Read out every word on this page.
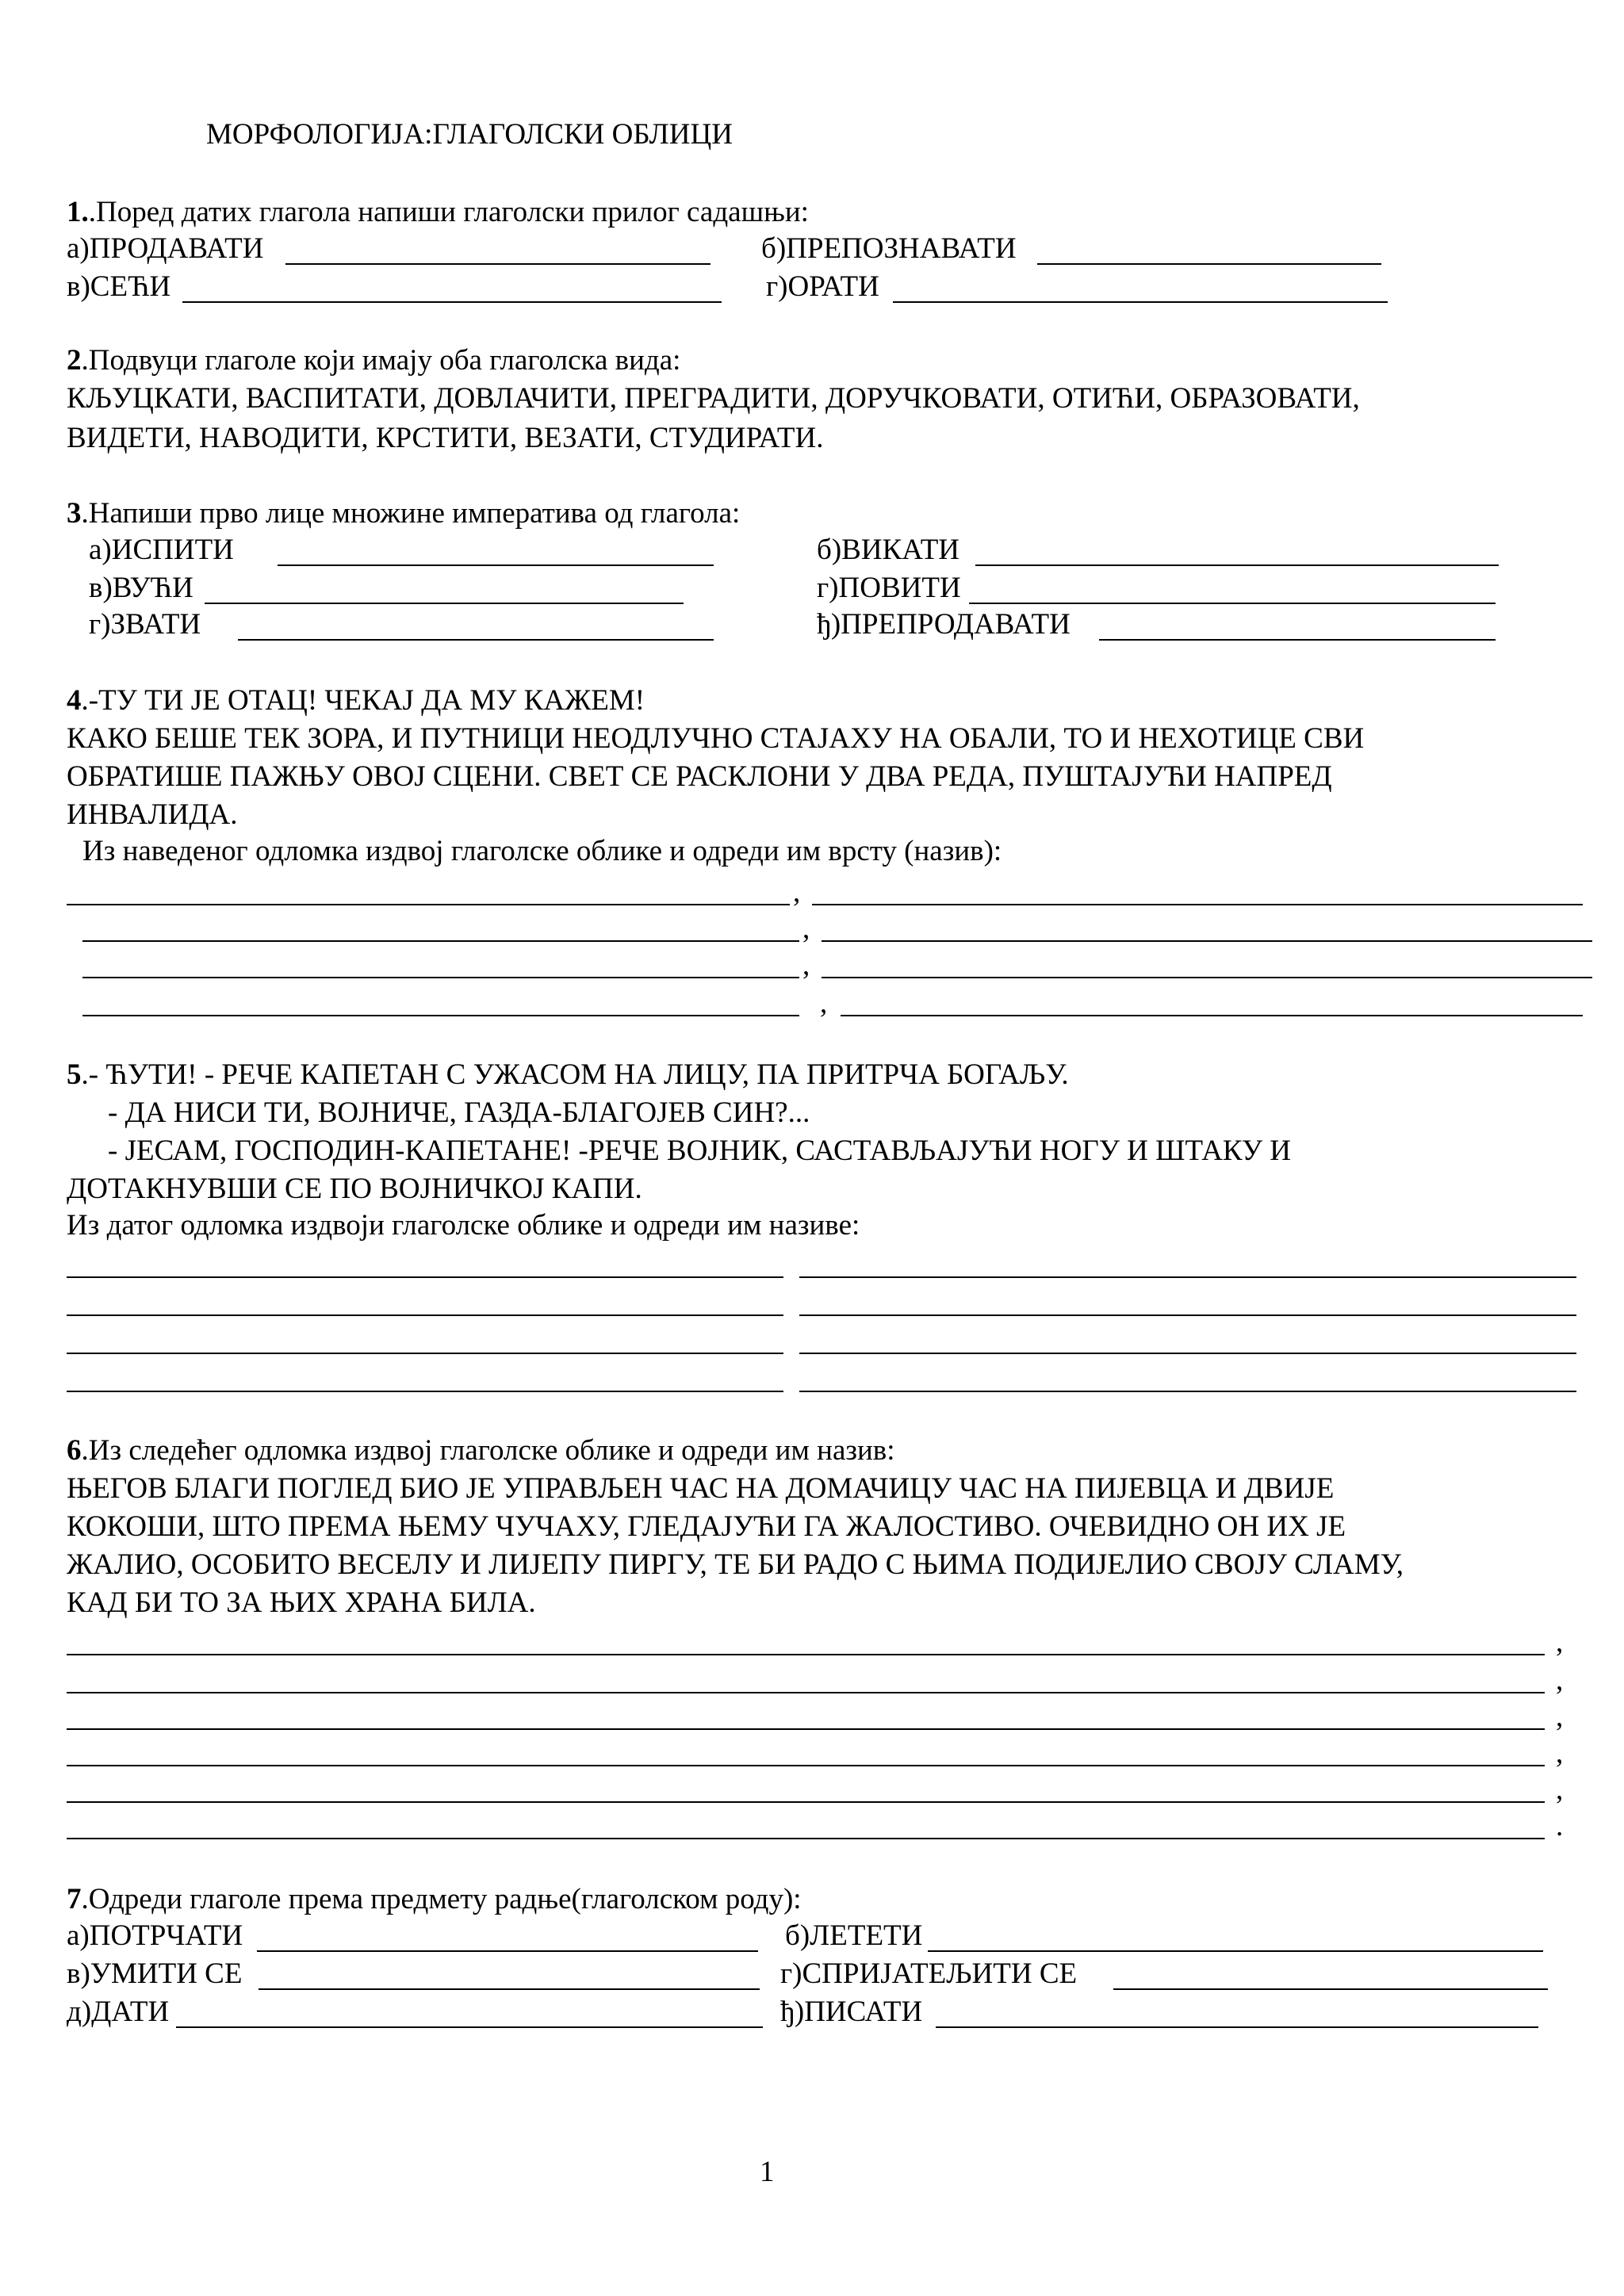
МОРФОЛОГИЈА:ГЛАГОЛСКИ ОБЛИЦИ
1..Поред датих глагола напиши глаголски прилог садашњи:
а)ПРОДАВАТИ	б)ПРЕПОЗНАВАТИ
в)СЕЋИ	г)ОРАТИ
2.Подвуци глаголе који имају оба глаголска вида:
КЉУЦКАТИ, ВАСПИТАТИ, ДОВЛАЧИТИ, ПРЕГРАДИТИ, ДОРУЧКОВАТИ, ОТИЋИ, ОБРАЗОВАТИ,
ВИДЕТИ, НАВОДИТИ, КРСТИТИ, ВЕЗАТИ, СТУДИРАТИ.
3.Напиши прво лице множине императива од глагола:
а)ИСПИТИ	б)ВИКАТИ
в)ВУЋИ	г)ПОВИТИ
г)ЗВАТИ	ђ)ПРЕПРОДАВАТИ
4.-ТУ ТИ ЈЕ ОТАЦ! ЧЕКАЈ ДА МУ КАЖЕМ!
КАКО БЕШЕ ТЕК ЗОРА, И ПУТНИЦИ НЕОДЛУЧНО СТАЈАХУ НА ОБАЛИ, ТО И НЕХОТИЦЕ СВИ
ОБРАТИШЕ ПАЖЊУ ОВОЈ СЦЕНИ. СВЕТ СЕ РАСКЛОНИ У ДВА РЕДА, ПУШТАЈУЋИ НАПРЕД
ИНВАЛИДА.
Из наведеног одломка издвој глаголске облике и одреди им врсту (назив):
,
,
,
,
5.- ЋУТИ! - РЕЧЕ КАПЕТАН С УЖАСОМ НА ЛИЦУ, ПА ПРИТРЧА БОГАЉУ.
- ДА НИСИ ТИ, ВОЈНИЧЕ, ГАЗДА-БЛАГОЈЕВ СИН?...
- ЈЕСАМ, ГОСПОДИН-КАПЕТАНЕ! -РЕЧЕ ВОЈНИК, САСТАВЉАЈУЋИ НОГУ И ШТАКУ И
ДОТАКНУВШИ СЕ ПО ВОЈНИЧКОЈ КАПИ.
Из датог одломка издвоји глаголске облике и одреди им називе:
6.Из следећег одломка издвој глаголске облике и одреди им назив:
ЊЕГОВ БЛАГИ ПОГЛЕД БИО ЈЕ УПРАВЉЕН ЧАС НА ДОМАЧИЦУ ЧАС НА ПИЈЕВЦА И ДВИЈЕ
КОКОШИ, ШТО ПРЕМА ЊЕМУ ЧУЧАХУ, ГЛЕДАЈУЋИ ГА ЖАЛОСТИВО. ОЧЕВИДНО ОН ИХ ЈЕ
ЖАЛИО, ОСОБИТО ВЕСЕЛУ И ЛИЈЕПУ ПИРГУ, ТЕ БИ РАДО С ЊИМА ПОДИЈЕЛИО СВОЈУ СЛАМУ,
КАД БИ ТО ЗА ЊИХ ХРАНА БИЛА.
,
,
,
,
,
.
7.Одреди глаголе према предмету радње(глаголском роду):
а)ПОТРЧАТИ	б)ЛЕТЕТИ
в)УМИТИ СЕ	г)СПРИЈАТЕЉИТИ СЕ
д)ДАТИ	ђ)ПИСАТИ
1
